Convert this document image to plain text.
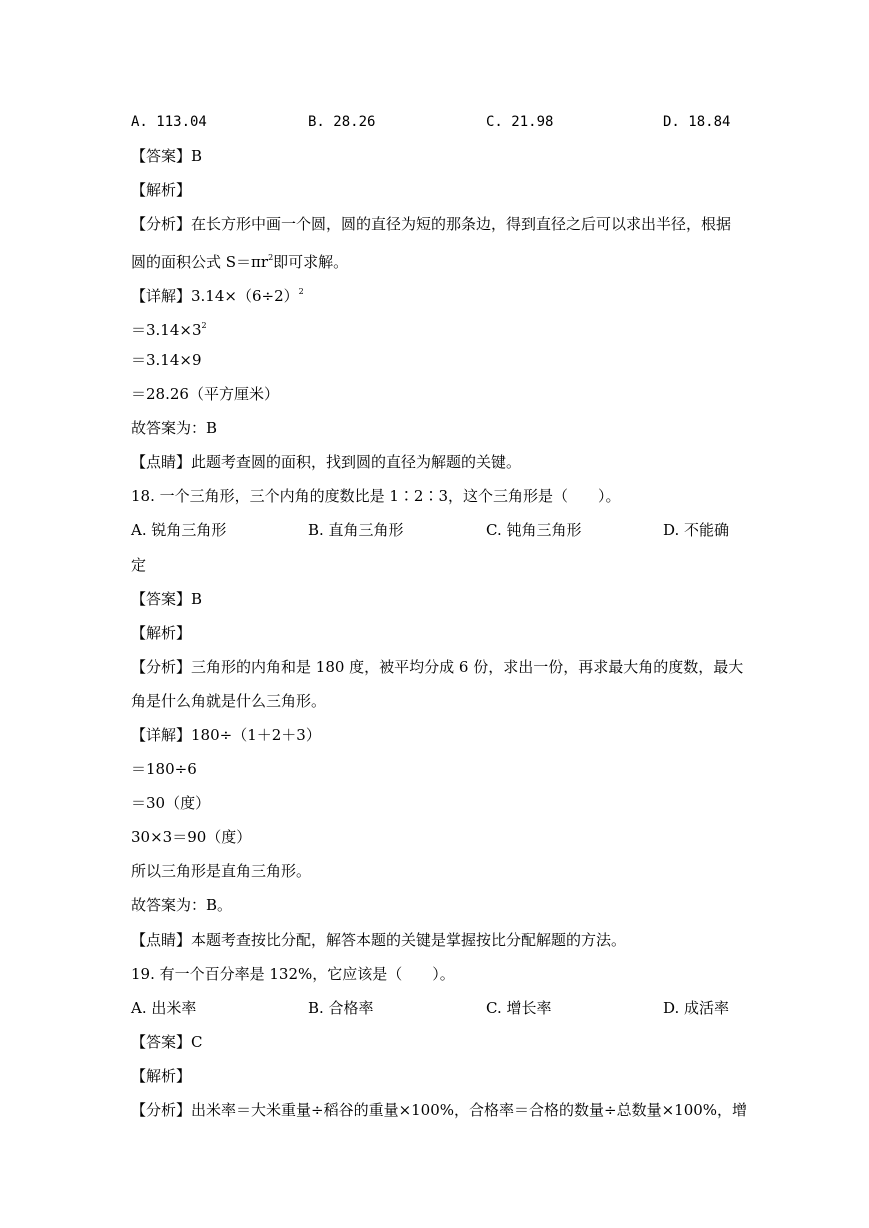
A. 113.04	B. 28.26	C. 21.98	D. 18.84
【答案】B
【解析】
【分析】在长方形中画一个圆，圆的直径为短的那条边，得到直径之后可以求出半径，根据
圆的面积公式 $S=\pi r^2$即可求解。
【详解】$3.14\times(6\div 2)^2$
$=3.14\times 3^2$
＝3.14×9
＝28.26（平方厘米）
故答案为：B
【点睛】此题考查圆的面积，找到圆的直径为解题的关键。
18. 一个三角形，三个内角的度数比是 1∶2∶3，这个三角形是（　　）。
A. 锐角三角形	B. 直角三角形	C. 钝角三角形	D. 不能确
定
【答案】B
【解析】
【分析】三角形的内角和是 180 度，被平均分成 6 份，求出一份，再求最大角的度数，最大
角是什么角就是什么三角形。
【详解】180÷（1＋2＋3）
＝180÷6
＝30（度）
30×3＝90（度）
所以三角形是直角三角形。
故答案为：B。
【点睛】本题考查按比分配，解答本题的关键是掌握按比分配解题的方法。
19. 有一个百分率是 132%，它应该是（　　）。
A. 出米率	B. 合格率	C. 增长率	D. 成活率
【答案】C
【解析】
【分析】出米率＝大米重量÷稻谷的重量×100%，合格率＝合格的数量÷总数量×100%，增
